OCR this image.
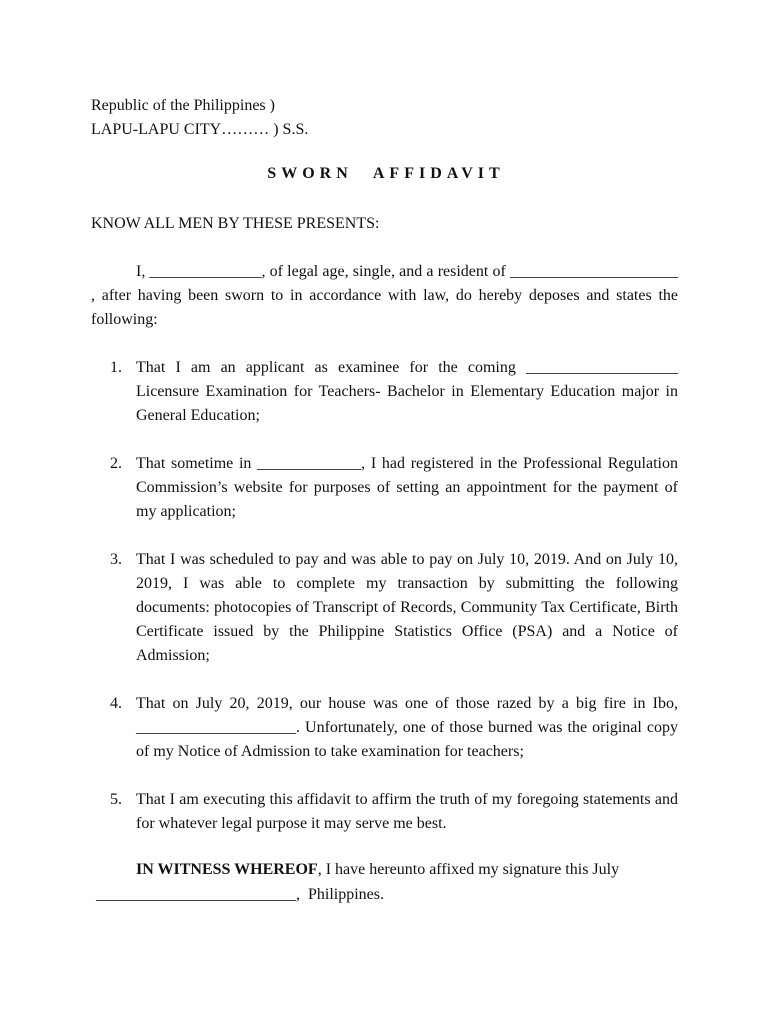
Republic of the Philippines )
LAPU-LAPU CITY……… ) S.S.
SWORN AFFIDAVIT
KNOW ALL MEN BY THESE PRESENTS:
I, ______________, of legal age, single, and a resident of _____________________ , after having been sworn to in accordance with law, do hereby deposes and states the following:
1. That I am an applicant as examinee for the coming ___________________ Licensure Examination for Teachers- Bachelor in Elementary Education major in General Education;
2. That sometime in _____________, I had registered in the Professional Regulation Commission’s website for purposes of setting an appointment for the payment of my application;
3. That I was scheduled to pay and was able to pay on July 10, 2019. And on July 10, 2019, I was able to complete my transaction by submitting the following documents: photocopies of Transcript of Records, Community Tax Certificate, Birth Certificate issued by the Philippine Statistics Office (PSA) and a Notice of Admission;
4. That on July 20, 2019, our house was one of those razed by a big fire in Ibo, ____________________. Unfortunately, one of those burned was the original copy of my Notice of Admission to take examination for teachers;
5. That I am executing this affidavit to affirm the truth of my foregoing statements and for whatever legal purpose it may serve me best.
IN WITNESS WHEREOF, I have hereunto affixed my signature this July
_________________________,  Philippines.
